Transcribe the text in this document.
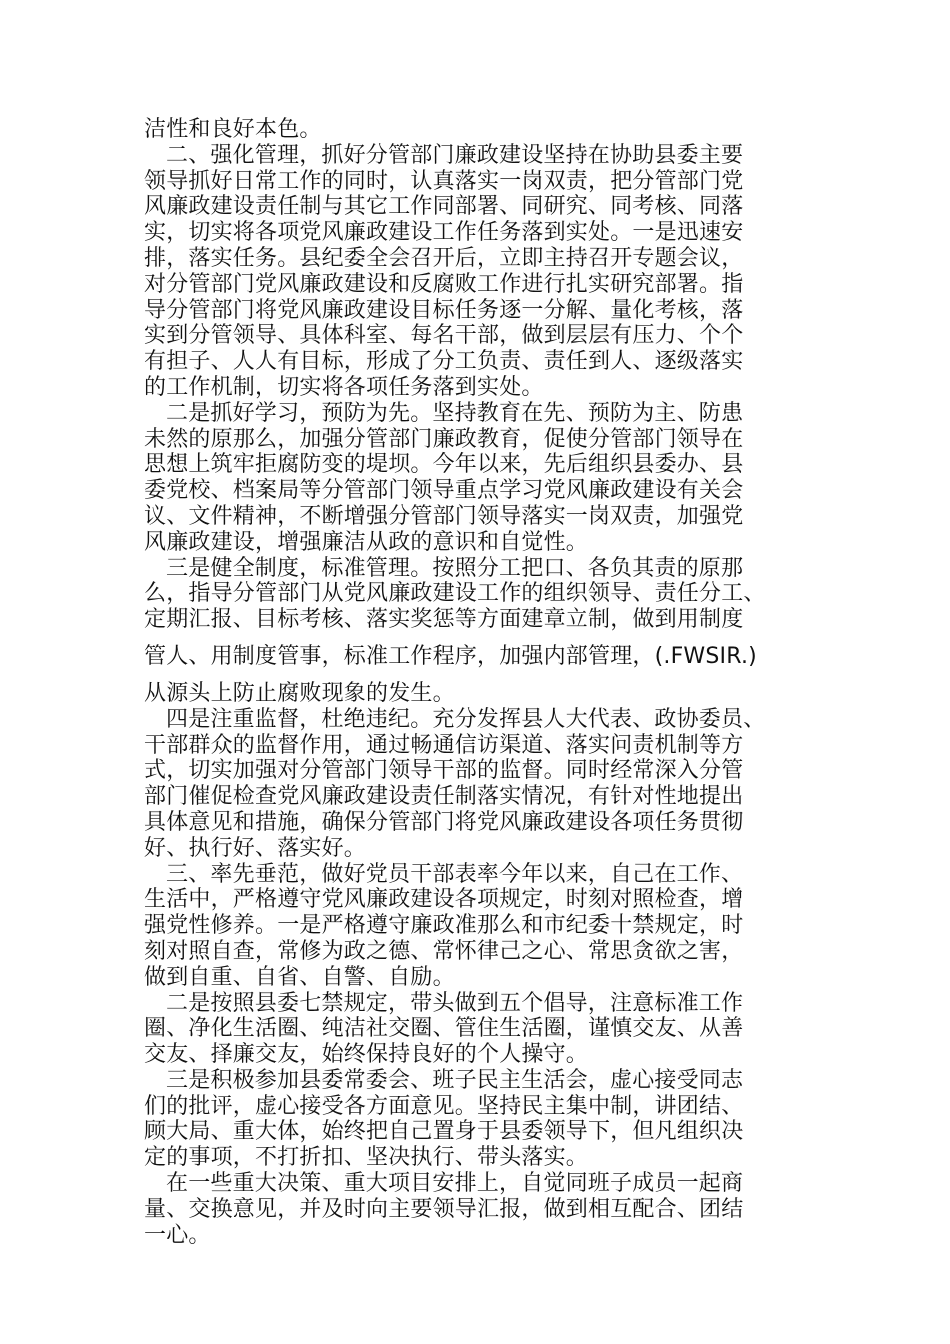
洁性和良好本色。
二、强化管理，抓好分管部门廉政建设坚持在协助县委主要
领导抓好日常工作的同时，认真落实一岗双责，把分管部门党
风廉政建设责任制与其它工作同部署、同研究、同考核、同落
实，切实将各项党风廉政建设工作任务落到实处。一是迅速安
排，落实任务。县纪委全会召开后，立即主持召开专题会议，
对分管部门党风廉政建设和反腐败工作进行扎实研究部署。指
导分管部门将党风廉政建设目标任务逐一分解、量化考核，落
实到分管领导、具体科室、每名干部，做到层层有压力、个个
有担子、人人有目标，形成了分工负责、责任到人、逐级落实
的工作机制，切实将各项任务落到实处。
二是抓好学习，预防为先。坚持教育在先、预防为主、防患
未然的原那么，加强分管部门廉政教育，促使分管部门领导在
思想上筑牢拒腐防变的堤坝。今年以来，先后组织县委办、县
委党校、档案局等分管部门领导重点学习党风廉政建设有关会
议、文件精神，不断增强分管部门领导落实一岗双责，加强党
风廉政建设，增强廉洁从政的意识和自觉性。
三是健全制度，标准管理。按照分工把口、各负其责的原那
么，指导分管部门从党风廉政建设工作的组织领导、责任分工、
定期汇报、目标考核、落实奖惩等方面建章立制，做到用制度
管人、用制度管事，标准工作程序，加强内部管理，(.FWSIR.)
从源头上防止腐败现象的发生。
四是注重监督，杜绝违纪。充分发挥县人大代表、政协委员、
干部群众的监督作用，通过畅通信访渠道、落实问责机制等方
式，切实加强对分管部门领导干部的监督。同时经常深入分管
部门催促检查党风廉政建设责任制落实情况，有针对性地提出
具体意见和措施，确保分管部门将党风廉政建设各项任务贯彻
好、执行好、落实好。
三、率先垂范，做好党员干部表率今年以来，自己在工作、
生活中，严格遵守党风廉政建设各项规定，时刻对照检查，增
强党性修养。一是严格遵守廉政准那么和市纪委十禁规定，时
刻对照自查，常修为政之德、常怀律己之心、常思贪欲之害，
做到自重、自省、自警、自励。
二是按照县委七禁规定，带头做到五个倡导，注意标准工作
圈、净化生活圈、纯洁社交圈、管住生活圈，谨慎交友、从善
交友、择廉交友，始终保持良好的个人操守。
三是积极参加县委常委会、班子民主生活会，虚心接受同志
们的批评，虚心接受各方面意见。坚持民主集中制，讲团结、
顾大局、重大体，始终把自己置身于县委领导下，但凡组织决
定的事项，不打折扣、坚决执行、带头落实。
在一些重大决策、重大项目安排上，自觉同班子成员一起商
量、交换意见，并及时向主要领导汇报，做到相互配合、团结
一心。
